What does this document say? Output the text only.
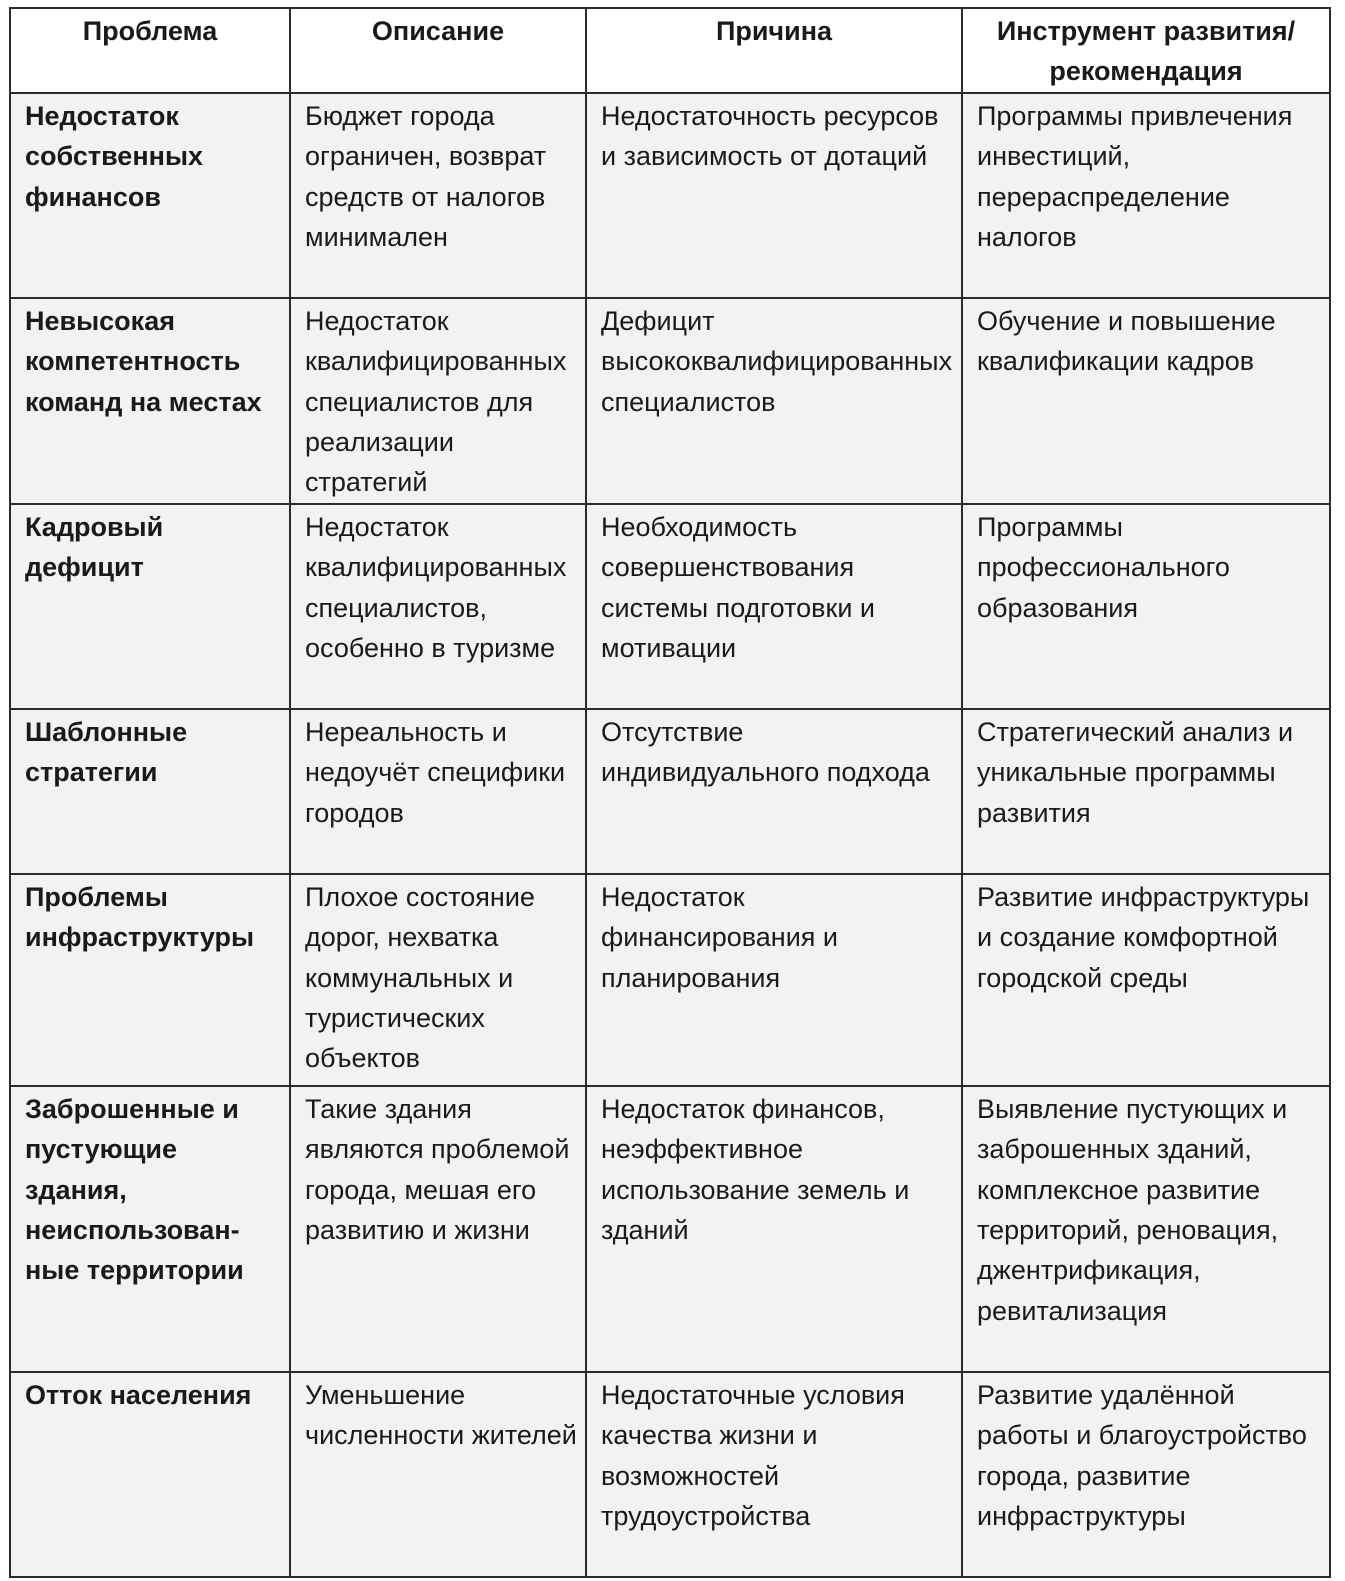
Проблема	Описание	Причина	Инструмент развития/ рекомендация
Недостаток собственных финансов	Бюджет города ограничен, возврат средств от налогов минимален	Недостаточность ресурсов и зависимость от дотаций	Программы привлечения инвестиций, перераспределение налогов
Невысокая компетентность команд на местах	Недостаток квалифицированных специалистов для реализации стратегий	Дефицит высококвалифицированных специалистов	Обучение и повышение квалификации кадров
Кадровый дефицит	Недостаток квалифицированных специалистов, особенно в туризме	Необходимость совершенствования системы подготовки и мотивации	Программы профессионального образования
Шаблонные стратегии	Нереальность и недоучёт специфики городов	Отсутствие индивидуального подхода	Стратегический анализ и уникальные программы развития
Проблемы инфраструктуры	Плохое состояние дорог, нехватка коммунальных и туристических объектов	Недостаток финансирования и планирования	Развитие инфраструктуры и создание комфортной городской среды
Заброшенные и пустующие здания, неиспользованные территории	Такие здания являются проблемой города, мешая его развитию и жизни	Недостаток финансов, неэффективное использование земель и зданий	Выявление пустующих и заброшенных зданий, комплексное развитие территорий, реновация, джентрификация, ревитализация
Отток населения	Уменьшение численности жителей	Недостаточные условия качества жизни и возможностей трудоустройства	Развитие удалённой работы и благоустройство города, развитие инфраструктуры
